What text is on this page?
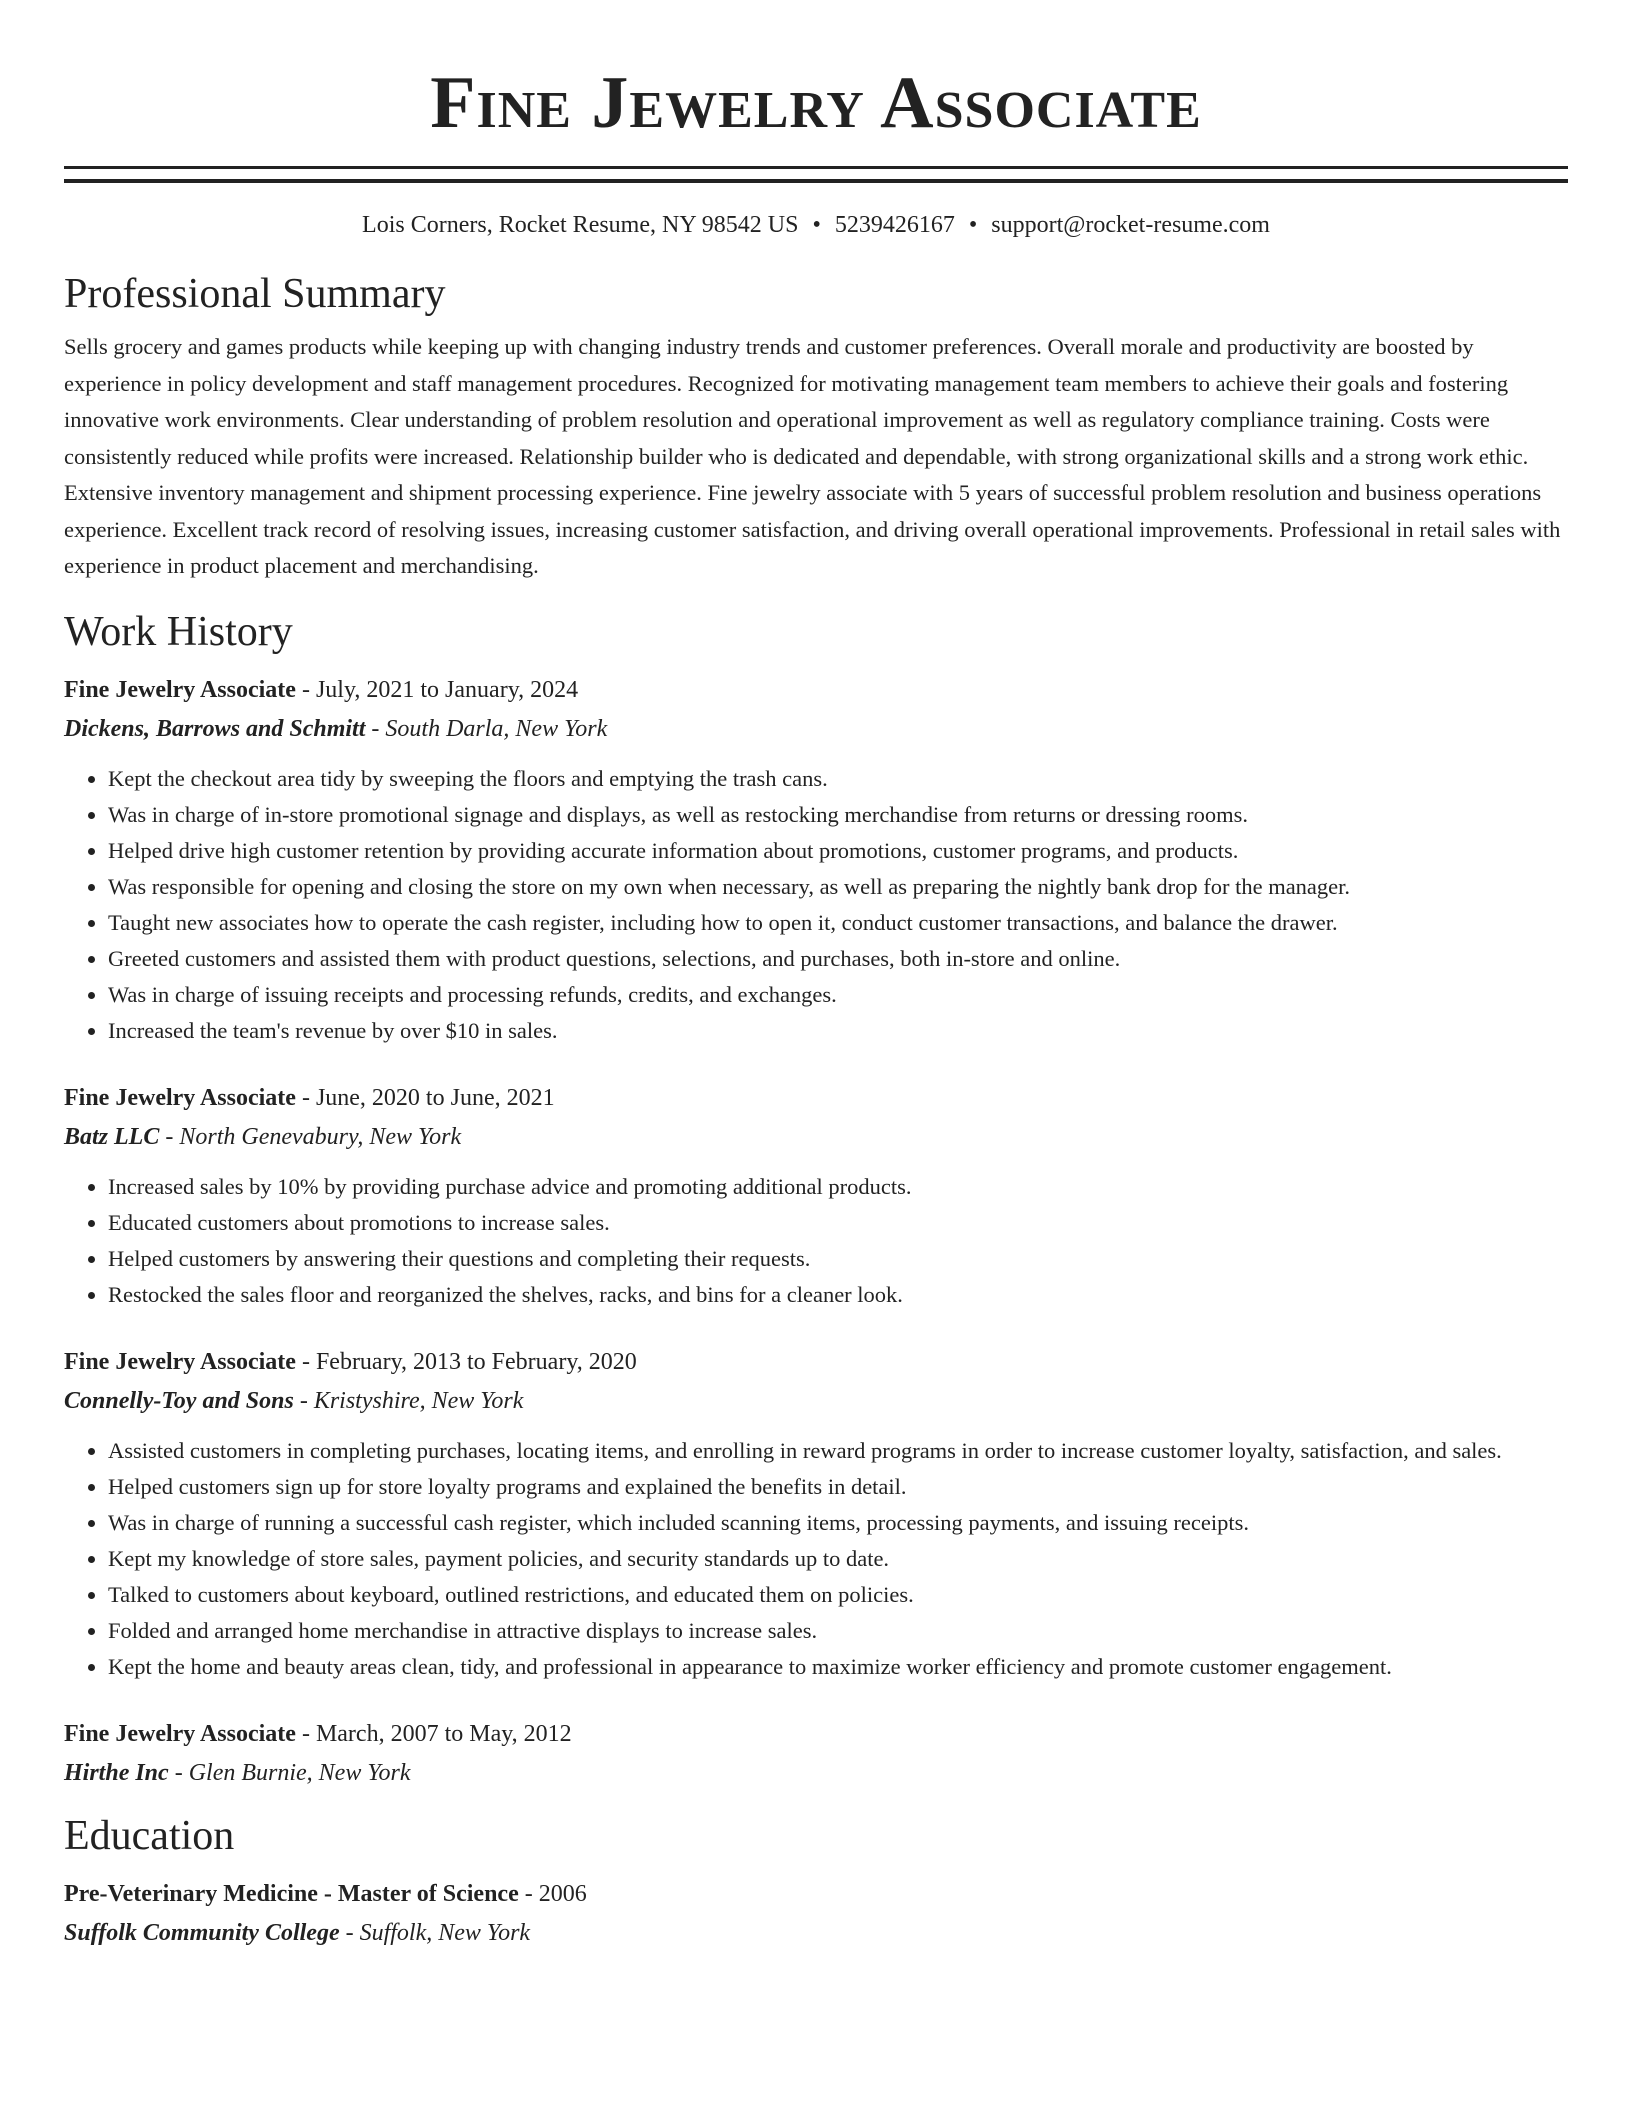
Fine Jewelry Associate
Lois Corners, Rocket Resume, NY 98542 US • 5239426167 • support@rocket-resume.com
Professional Summary

Sells grocery and games products while keeping up with changing industry trends and customer preferences. Overall morale and productivity are boosted by experience in policy development and staff management procedures. Recognized for motivating management team members to achieve their goals and fostering innovative work environments. Clear understanding of problem resolution and operational improvement as well as regulatory compliance training. Costs were consistently reduced while profits were increased. Relationship builder who is dedicated and dependable, with strong organizational skills and a strong work ethic. Extensive inventory management and shipment processing experience. Fine jewelry associate with 5 years of successful problem resolution and business operations experience. Excellent track record of resolving issues, increasing customer satisfaction, and driving overall operational improvements. Professional in retail sales with experience in product placement and merchandising.

Work History
Fine Jewelry Associate - July, 2021 to January, 2024
Dickens, Barrows and Schmitt - South Darla, New York
• Kept the checkout area tidy by sweeping the floors and emptying the trash cans.
• Was in charge of in-store promotional signage and displays, as well as restocking merchandise from returns or dressing rooms.
• Helped drive high customer retention by providing accurate information about promotions, customer programs, and products.
• Was responsible for opening and closing the store on my own when necessary, as well as preparing the nightly bank drop for the manager.
• Taught new associates how to operate the cash register, including how to open it, conduct customer transactions, and balance the drawer.
• Greeted customers and assisted them with product questions, selections, and purchases, both in-store and online.
• Was in charge of issuing receipts and processing refunds, credits, and exchanges.
• Increased the team's revenue by over $10 in sales.
Fine Jewelry Associate - June, 2020 to June, 2021
Batz LLC - North Genevabury, New York
• Increased sales by 10% by providing purchase advice and promoting additional products.
• Educated customers about promotions to increase sales.
• Helped customers by answering their questions and completing their requests.
• Restocked the sales floor and reorganized the shelves, racks, and bins for a cleaner look.
Fine Jewelry Associate - February, 2013 to February, 2020
Connelly-Toy and Sons - Kristyshire, New York
• Assisted customers in completing purchases, locating items, and enrolling in reward programs in order to increase customer loyalty, satisfaction, and sales.
• Helped customers sign up for store loyalty programs and explained the benefits in detail.
• Was in charge of running a successful cash register, which included scanning items, processing payments, and issuing receipts.
• Kept my knowledge of store sales, payment policies, and security standards up to date.
• Talked to customers about keyboard, outlined restrictions, and educated them on policies.
• Folded and arranged home merchandise in attractive displays to increase sales.
• Kept the home and beauty areas clean, tidy, and professional in appearance to maximize worker efficiency and promote customer engagement.
Fine Jewelry Associate - March, 2007 to May, 2012
Hirthe Inc - Glen Burnie, New York
Education
Pre-Veterinary Medicine - Master of Science - 2006
Suffolk Community College - Suffolk, New York
